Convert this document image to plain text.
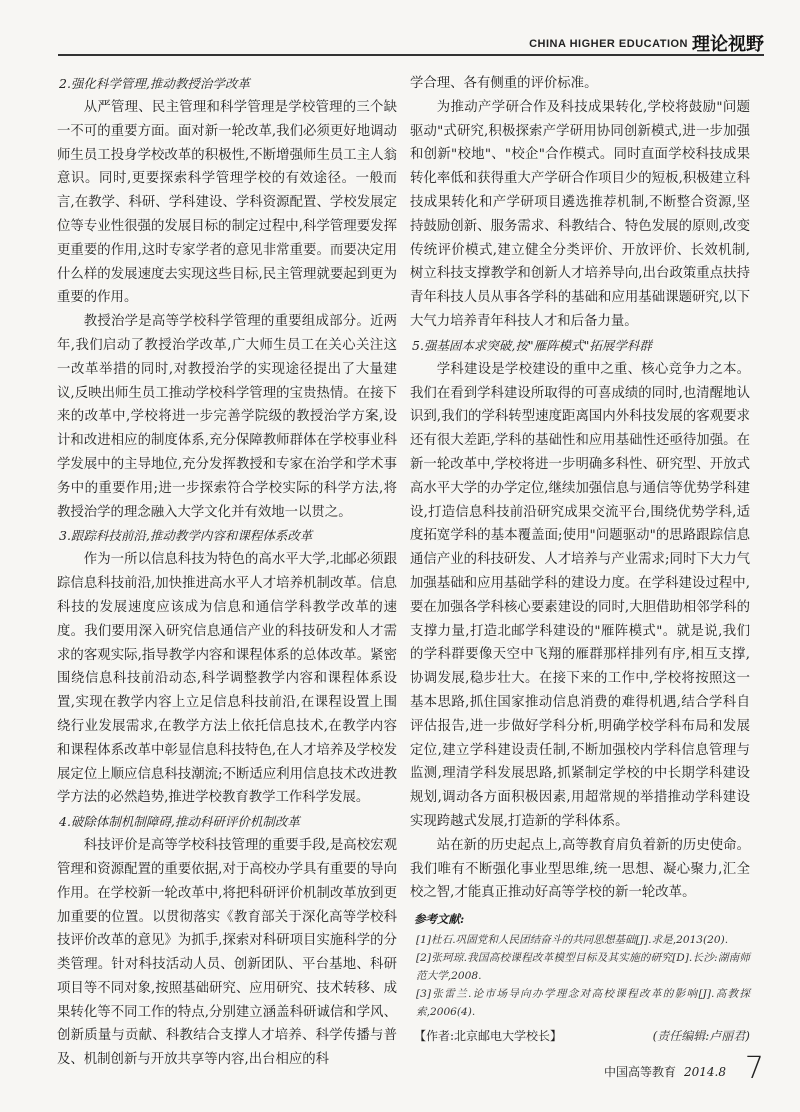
CHINA HIGHER EDUCATION 理论视野

2.强化科学管理,推动教授治学改革

从严管理、民主管理和科学管理是学校管理的三个缺一不可的重要方面。面对新一轮改革,我们必须更好地调动师生员工投身学校改革的积极性,不断增强师生员工主人翁意识。同时,更要探索科学管理学校的有效途径。一般而言,在教学、科研、学科建设、学科资源配置、学校发展定位等专业性很强的发展目标的制定过程中,科学管理要发挥更重要的作用,这时专家学者的意见非常重要。而要决定用什么样的发展速度去实现这些目标,民主管理就要起到更为重要的作用。

教授治学是高等学校科学管理的重要组成部分。近两年,我们启动了教授治学改革,广大师生员工在关心关注这一改革举措的同时,对教授治学的实现途径提出了大量建议,反映出师生员工推动学校科学管理的宝贵热情。在接下来的改革中,学校将进一步完善学院级的教授治学方案,设计和改进相应的制度体系,充分保障教师群体在学校事业科学发展中的主导地位,充分发挥教授和专家在治学和学术事务中的重要作用;进一步探索符合学校实际的科学方法,将教授治学的理念融入大学文化并有效地一以贯之。

3.跟踪科技前沿,推动教学内容和课程体系改革

作为一所以信息科技为特色的高水平大学,北邮必须跟踪信息科技前沿,加快推进高水平人才培养机制改革。信息科技的发展速度应该成为信息和通信学科教学改革的速度。我们要用深入研究信息通信产业的科技研发和人才需求的客观实际,指导教学内容和课程体系的总体改革。紧密围绕信息科技前沿动态,科学调整教学内容和课程体系设置,实现在教学内容上立足信息科技前沿,在课程设置上围绕行业发展需求,在教学方法上依托信息技术,在教学内容和课程体系改革中彰显信息科技特色,在人才培养及学校发展定位上顺应信息科技潮流;不断适应利用信息技术改进教学方法的必然趋势,推进学校教育教学工作科学发展。

4.破除体制机制障碍,推动科研评价机制改革

科技评价是高等学校科技管理的重要手段,是高校宏观管理和资源配置的重要依据,对于高校办学具有重要的导向作用。在学校新一轮改革中,将把科研评价机制改革放到更加重要的位置。以贯彻落实《教育部关于深化高等学校科技评价改革的意见》为抓手,探索对科研项目实施科学的分类管理。针对科技活动人员、创新团队、平台基地、科研项目等不同对象,按照基础研究、应用研究、技术转移、成果转化等不同工作的特点,分别建立涵盖科研诚信和学风、创新质量与贡献、科教结合支撑人才培养、科学传播与普及、机制创新与开放共享等内容,出台相应的科

学合理、各有侧重的评价标准。

为推动产学研合作及科技成果转化,学校将鼓励"问题驱动"式研究,积极探索产学研用协同创新模式,进一步加强和创新"校地"、"校企"合作模式。同时直面学校科技成果转化率低和获得重大产学研合作项目少的短板,积极建立科技成果转化和产学研项目遴选推荐机制,不断整合资源,坚持鼓励创新、服务需求、科教结合、特色发展的原则,改变传统评价模式,建立健全分类评价、开放评价、长效机制,树立科技支撑教学和创新人才培养导向,出台政策重点扶持青年科技人员从事各学科的基础和应用基础课题研究,以下大气力培养青年科技人才和后备力量。

5.强基固本求突破,按"雁阵模式"拓展学科群

学科建设是学校建设的重中之重、核心竞争力之本。我们在看到学科建设所取得的可喜成绩的同时,也清醒地认识到,我们的学科转型速度距离国内外科技发展的客观要求还有很大差距,学科的基础性和应用基础性还亟待加强。在新一轮改革中,学校将进一步明确多科性、研究型、开放式高水平大学的办学定位,继续加强信息与通信等优势学科建设,打造信息科技前沿研究成果交流平台,围绕优势学科,适度拓宽学科的基本覆盖面;使用"问题驱动"的思路跟踪信息通信产业的科技研发、人才培养与产业需求;同时下大力气加强基础和应用基础学科的建设力度。在学科建设过程中,要在加强各学科核心要素建设的同时,大胆借助相邻学科的支撑力量,打造北邮学科建设的"雁阵模式"。就是说,我们的学科群要像天空中飞翔的雁群那样排列有序,相互支撑,协调发展,稳步壮大。在接下来的工作中,学校将按照这一基本思路,抓住国家推动信息消费的难得机遇,结合学科自评估报告,进一步做好学科分析,明确学校学科布局和发展定位,建立学科建设责任制,不断加强校内学科信息管理与监测,理清学科发展思路,抓紧制定学校的中长期学科建设规划,调动各方面积极因素,用超常规的举措推动学科建设实现跨越式发展,打造新的学科体系。

站在新的历史起点上,高等教育肩负着新的历史使命。我们唯有不断强化事业型思维,统一思想、凝心聚力,汇全校之智,才能真正推动好高等学校的新一轮改革。

参考文献:

[1]杜石.巩固党和人民团结奋斗的共同思想基础[J].求是,2013(20).

[2]张珂琼.我国高校课程改革模型目标及其实施的研究[D].长沙:湖南师范大学,2008.

[3]张雷兰.论市场导向办学理念对高校课程改革的影响[J].高教探索,2006(4).

【作者:北京邮电大学校长】	(责任编辑:卢丽君)
中国高等教育 2014.8 7
